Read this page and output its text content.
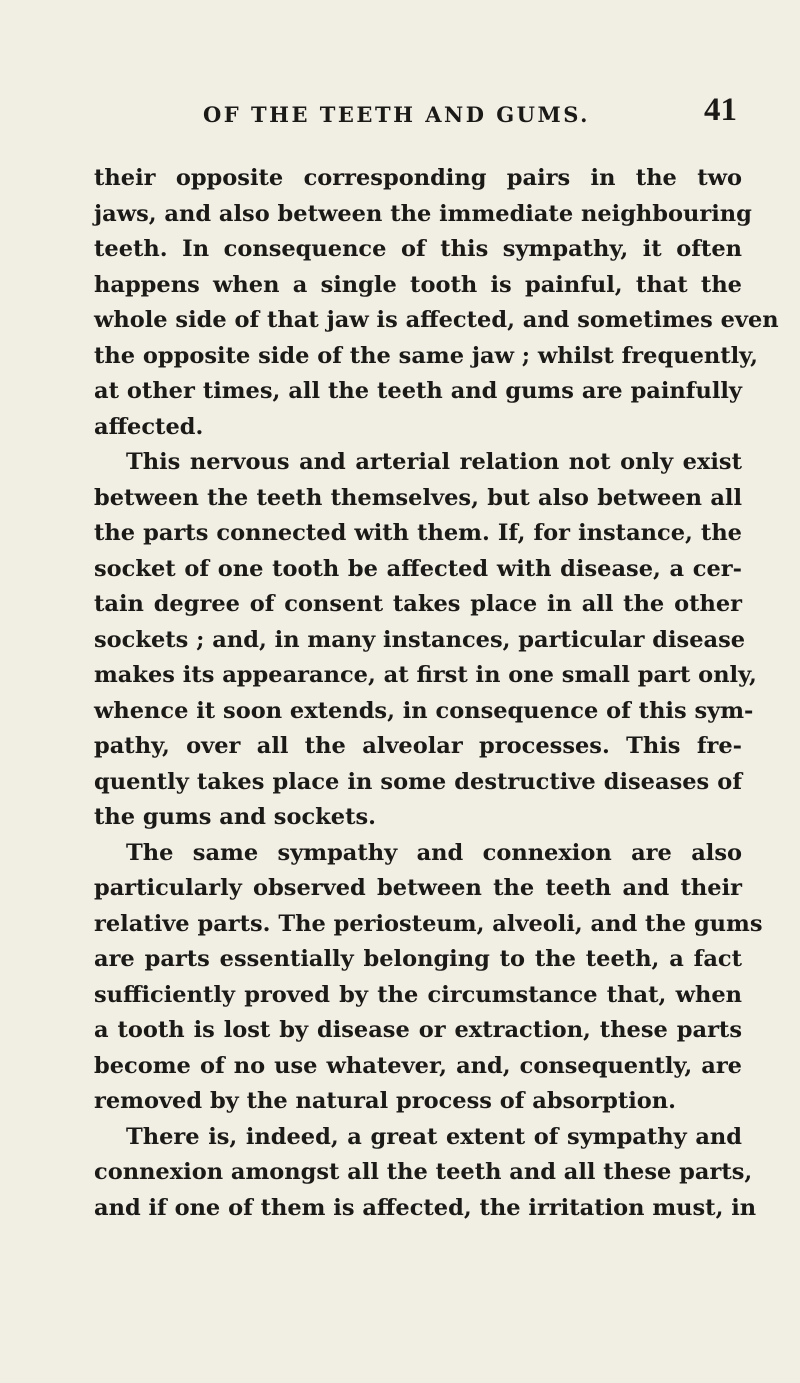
OF THE TEETH AND GUMS.	41
their opposite corresponding pairs in the two
jaws, and also between the immediate neighbouring
teeth. In consequence of this sympathy, it often
happens when a single tooth is painful, that the
whole side of that jaw is affected, and sometimes even
the opposite side of the same jaw ; whilst frequently,
at other times, all the teeth and gums are painfully
affected.
This nervous and arterial relation not only exist
between the teeth themselves, but also between all
the parts connected with them. If, for instance, the
socket of one tooth be affected with disease, a cer-
tain degree of consent takes place in all the other
sockets ; and, in many instances, particular disease
makes its appearance, at first in one small part only,
whence it soon extends, in consequence of this sym-
pathy, over all the alveolar processes. This fre-
quently takes place in some destructive diseases of
the gums and sockets.
The same sympathy and connexion are also
particularly observed between the teeth and their
relative parts. The periosteum, alveoli, and the gums
are parts essentially belonging to the teeth, a fact
sufficiently proved by the circumstance that, when
a tooth is lost by disease or extraction, these parts
become of no use whatever, and, consequently, are
removed by the natural process of absorption.
There is, indeed, a great extent of sympathy and
connexion amongst all the teeth and all these parts,
and if one of them is affected, the irritation must, in
